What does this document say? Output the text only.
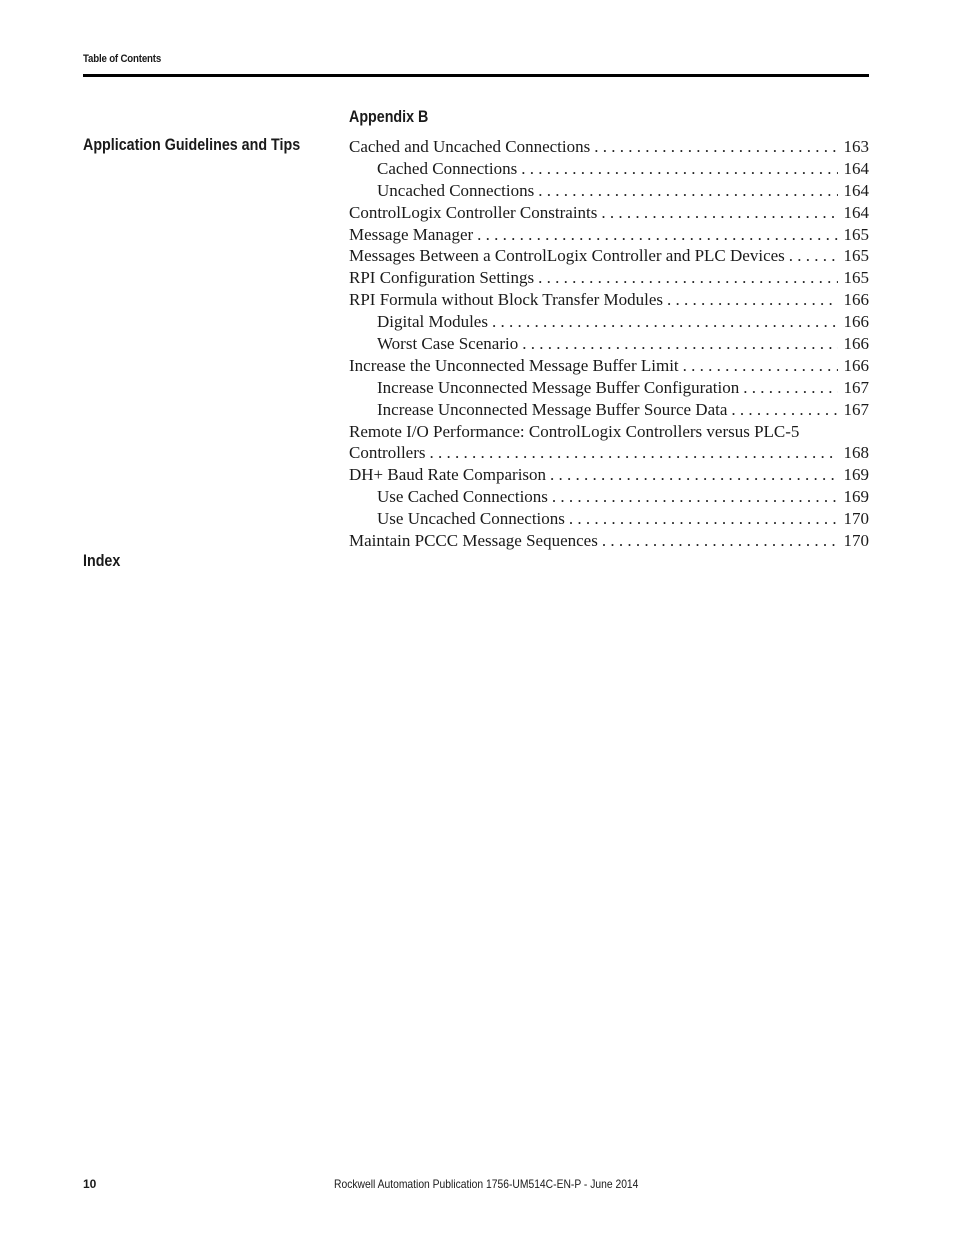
Table of Contents
Appendix B
Application Guidelines and Tips	Cached and Uncached Connections . . .	163
Cached Connections . . .	164
Uncached Connections . . .	164
ControlLogix Controller Constraints . . .	164
Message Manager . . .	165
Messages Between a ControlLogix Controller and PLC Devices . . .	165
RPI Configuration Settings . . .	165
RPI Formula without Block Transfer Modules . . .	166
Digital Modules . . .	166
Worst Case Scenario . . .	166
Increase the Unconnected Message Buffer Limit . . .	166
Increase Unconnected Message Buffer Configuration . . .	167
Increase Unconnected Message Buffer Source Data . . .	167
Remote I/O Performance: ControlLogix Controllers versus PLC-5
Controllers . . .	168
DH+ Baud Rate Comparison . . .	169
Use Cached Connections . . .	169
Use Uncached Connections . . .	170
Maintain PCCC Message Sequences . . .	170
Index
10	Rockwell Automation Publication 1756-UM514C-EN-P - June 2014
